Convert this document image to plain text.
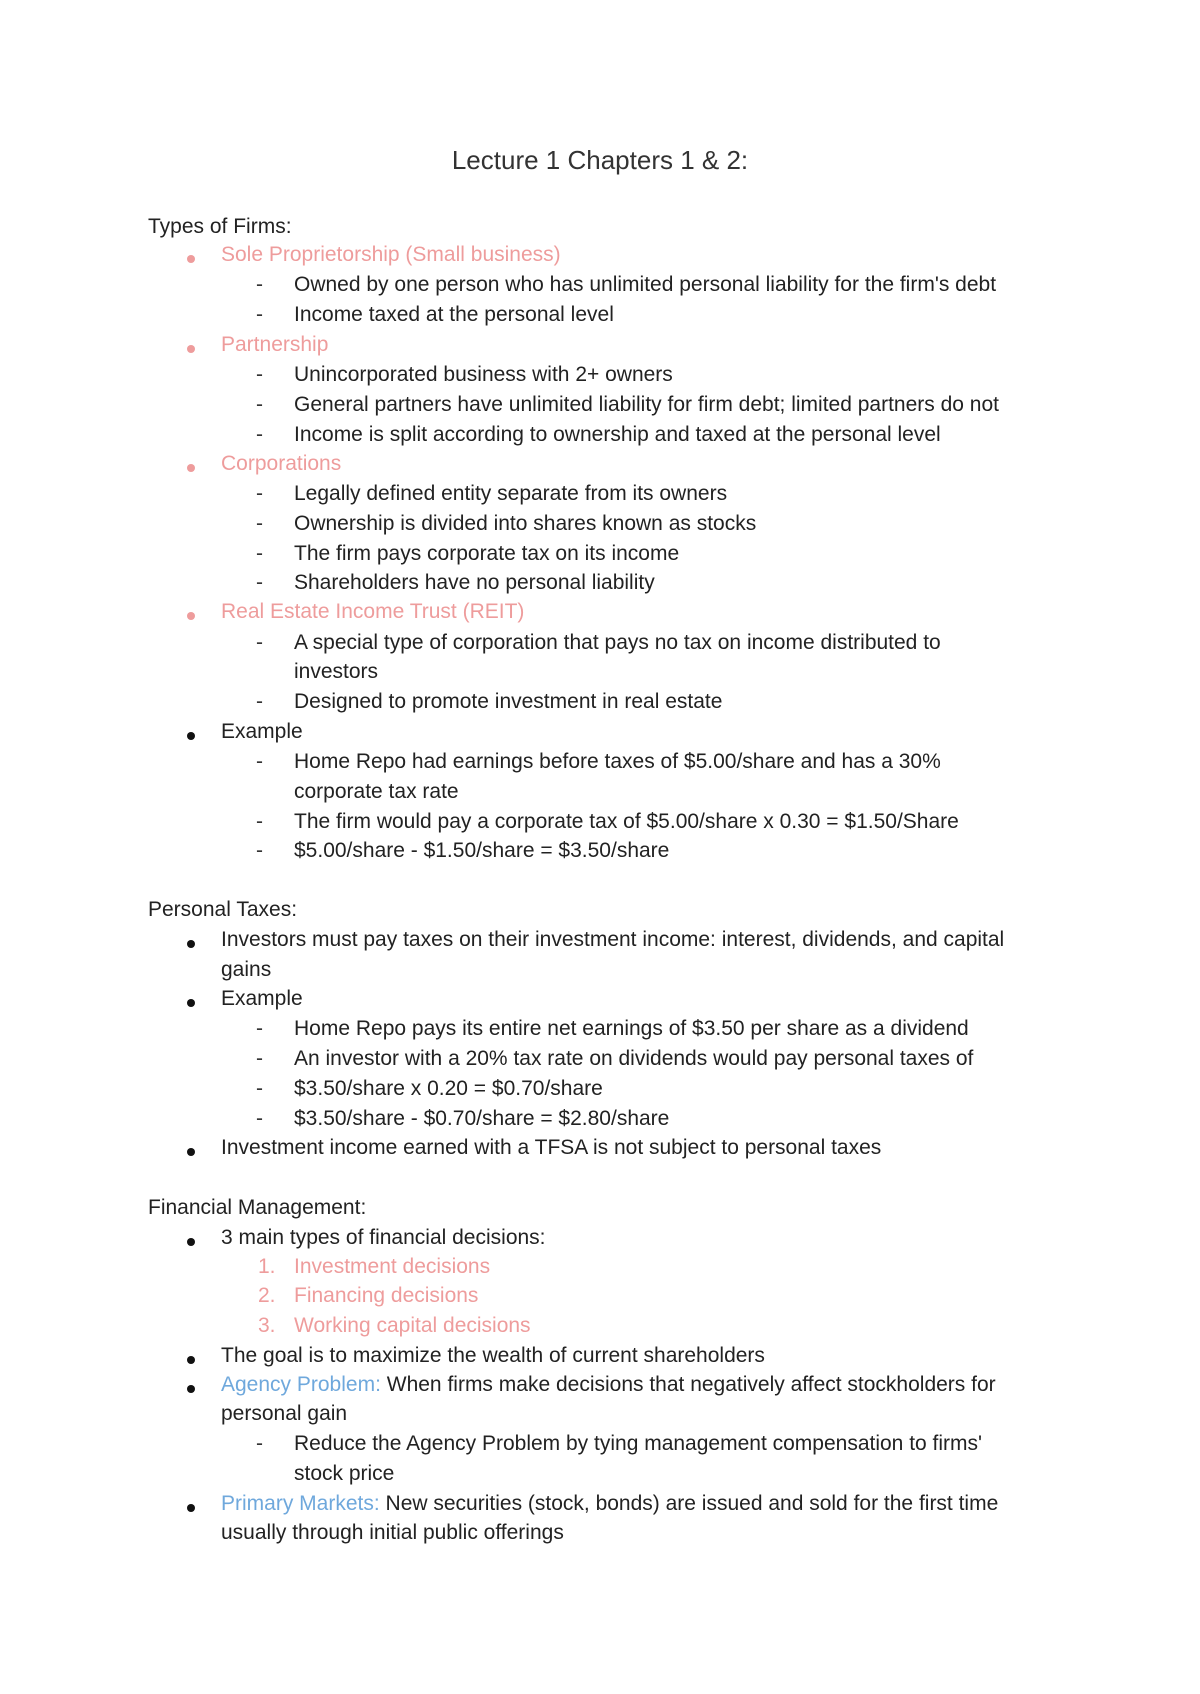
Lecture 1 Chapters 1 & 2:
Types of Firms:
Sole Proprietorship (Small business)
- Owned by one person who has unlimited personal liability for the firm's debt
- Income taxed at the personal level
Partnership
- Unincorporated business with 2+ owners
- General partners have unlimited liability for firm debt; limited partners do not
- Income is split according to ownership and taxed at the personal level
Corporations
- Legally defined entity separate from its owners
- Ownership is divided into shares known as stocks
- The firm pays corporate tax on its income
- Shareholders have no personal liability
Real Estate Income Trust (REIT)
- A special type of corporation that pays no tax on income distributed to
investors
- Designed to promote investment in real estate
Example
- Home Repo had earnings before taxes of $5.00/share and has a 30%
corporate tax rate
- The firm would pay a corporate tax of $5.00/share x 0.30 = $1.50/Share
- $5.00/share - $1.50/share = $3.50/share
Personal Taxes:
Investors must pay taxes on their investment income: interest, dividends, and capital
gains
Example
- Home Repo pays its entire net earnings of $3.50 per share as a dividend
- An investor with a 20% tax rate on dividends would pay personal taxes of
- $3.50/share x 0.20 = $0.70/share
- $3.50/share - $0.70/share = $2.80/share
Investment income earned with a TFSA is not subject to personal taxes
Financial Management:
3 main types of financial decisions:
1. Investment decisions
2. Financing decisions
3. Working capital decisions
The goal is to maximize the wealth of current shareholders
Agency Problem: When firms make decisions that negatively affect stockholders for
personal gain
- Reduce the Agency Problem by tying management compensation to firms'
stock price
Primary Markets: New securities (stock, bonds) are issued and sold for the first time
usually through initial public offerings
